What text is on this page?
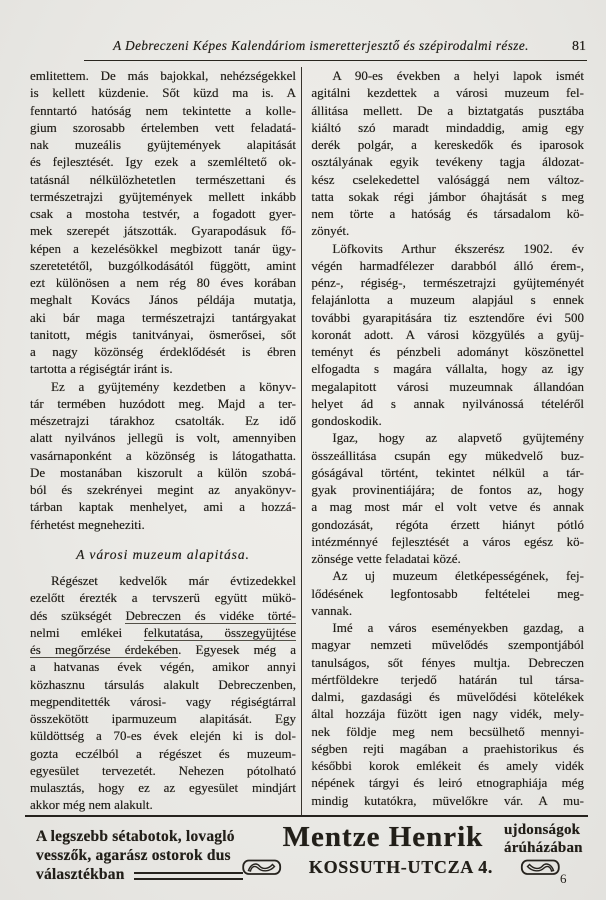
A Debreczeni Képes Kalendáriom ismeretterjesztő és szépirodalmi része.	81
emlitettem. De más bajokkal, nehézségekkel
is kellett küzdenie. Sőt küzd ma is. A
fenntartó hatóság nem tekintette a kolle-
gium szorosabb értelemben vett feladatá-
nak muzeális gyüjtemények alapitását
és fejlesztését. Igy ezek a szemléltető ok-
tatásnál nélkülözhetetlen természettani és
természetrajzi gyüjtemények mellett inkább
csak a mostoha testvér, a fogadott gyer-
mek szerepét játszották. Gyarapodásuk fő-
képen a kezelésökkel megbizott tanár ügy-
szeretetétől, buzgólkodásától függött, amint
ezt különösen a nem rég 80 éves korában
meghalt Kovács János példája mutatja,
aki bár maga természetrajzi tantárgyakat
tanitott, mégis tanitványai, ösmerősei, sőt
a nagy közönség érdeklődését is ébren
tartotta a régiségtár iránt is.
Ez a gyüjtemény kezdetben a könyv-
tár termében huzódott meg. Majd a ter-
mészetrajzi tárakhoz csatolták. Ez idő
alatt nyilvános jellegü is volt, amennyiben
vasárnaponként a közönség is látogathatta.
De mostanában kiszorult a külön szobá-
ból és szekrényei megint az anyakönyv-
tárban kaptak menhelyet, ami a hozzá-
férhetést megneheziti.
A városi muzeum alapitása.
Régészet kedvelők már évtizedekkel
ezelőtt érezték a tervszerü együtt mükö-
dés szükségét Debreczen és vidéke törté-
nelmi emlékei felkutatása, összegyüjtése
és megőrzése érdekében. Egyesek még a
a hatvanas évek végén, amikor annyi
közhasznu társulás alakult Debreczenben,
megpenditették városi- vagy régiségtárral
összekötött iparmuzeum alapitását. Egy
küldöttség a 70-es évek elején ki is dol-
gozta eczélból a régészet és muzeum-
egyesület tervezetét. Nehezen pótolható
mulasztás, hogy ez az egyesület mindjárt
akkor még nem alakult.
A 90-es években a helyi lapok ismét
agitálni kezdettek a városi muzeum fel-
állitása mellett. De a biztatgatás pusztába
kiáltó szó maradt mindaddig, amig egy
derék polgár, a kereskedők és iparosok
osztályának egyik tevékeny tagja áldozat-
kész cselekedettel valósággá nem változ-
tatta sokak régi jámbor óhajtását s meg
nem törte a hatóság és társadalom kö-
zönyét.
Löfkovits Arthur ékszerész 1902. év
végén harmadfélezer darabból álló érem-,
pénz-, régiség-, természetrajzi gyüjteményét
felajánlotta a muzeum alapjául s ennek
további gyarapitására tiz esztendőre évi 500
koronát adott. A városi közgyülés a gyüj-
teményt és pénzbeli adományt köszönettel
elfogadta s magára vállalta, hogy az igy
megalapitott városi muzeumnak állandóan
helyet ád s annak nyilvánossá tételéről
gondoskodik.
Igaz, hogy az alapvető gyüjtemény
összeállitása csupán egy mükedvelő buz-
góságával történt, tekintet nélkül a tár-
gyak provinentiájára; de fontos az, hogy
a mag most már el volt vetve és annak
gondozását, régóta érzett hiányt pótló
intézménnyé fejlesztését a város egész kö-
zönsége vette feladatai közé.
Az uj muzeum életképességének, fej-
lődésének legfontosabb feltételei meg-
vannak.
Imé a város eseményekben gazdag, a
magyar nemzeti müvelődés szempontjából
tanulságos, sőt fényes multja. Debreczen
mértföldekre terjedő határán tul társa-
dalmi, gazdasági és müvelődési kötelékek
által hozzája füzött igen nagy vidék, mely-
nek földje meg nem becsülhető mennyi-
ségben rejti magában a praehistorikus és
későbbi korok emlékeit és amely vidék
népének tárgyi és leiró etnographiája még
mindig kutatókra, müvelőkre vár. A mu-
A legszebb sétabotok, lovagló
vesszők, agarász ostorok dus
választékban
Mentze Henrik
KOSSUTH-UTCZA 4.
ujdonságok
árúházában
6
